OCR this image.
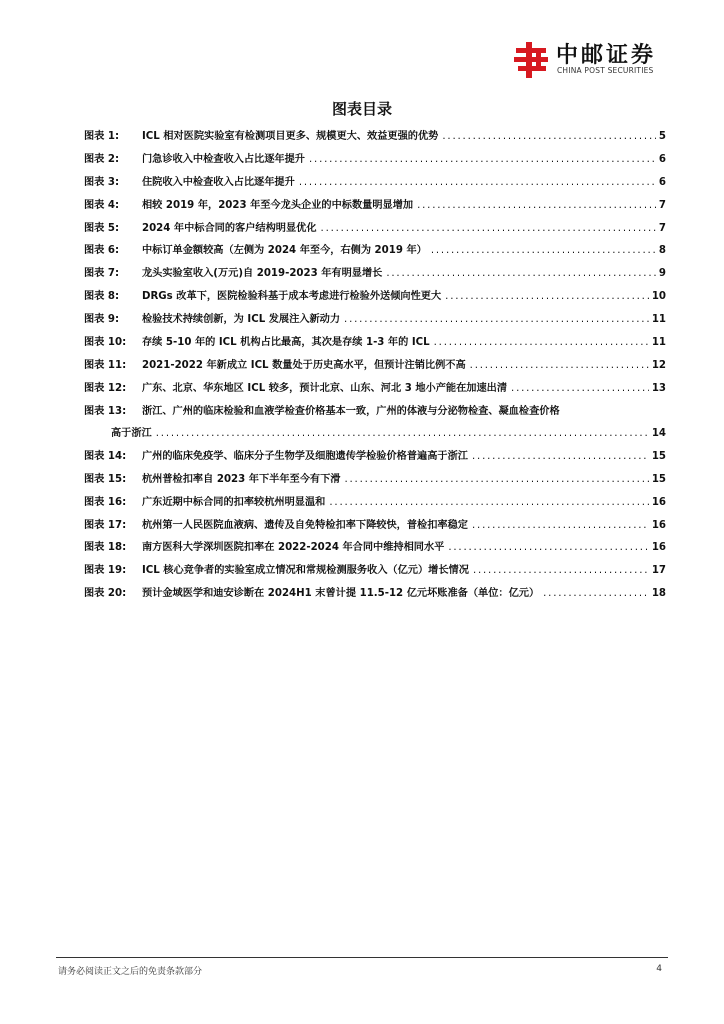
中邮证券
CHINA POST SECURITIES
图表目录
图表 1:	ICL 相对医院实验室有检测项目更多、规模更大、效益更强的优势 .....	5
图表 2:	门急诊收入中检查收入占比逐年提升 .....	6
图表 3:	住院收入中检查收入占比逐年提升 .....	6
图表 4:	相较 2019 年，2023 年至今龙头企业的中标数量明显增加 .....	7
图表 5:	2024 年中标合同的客户结构明显优化 .....	7
图表 6:	中标订单金额较高（左侧为 2024 年至今，右侧为 2019 年） .....	8
图表 7:	龙头实验室收入(万元)自 2019-2023 年有明显增长 .....	9
图表 8:	DRGs 改革下，医院检验科基于成本考虑进行检验外送倾向性更大 .....	10
图表 9:	检验技术持续创新，为 ICL 发展注入新动力 .....	11
图表 10:	存续 5-10 年的 ICL 机构占比最高，其次是存续 1-3 年的 ICL .....	11
图表 11:	2021-2022 年新成立 ICL 数量处于历史高水平，但预计注销比例不高 .....	12
图表 12:	广东、北京、华东地区 ICL 较多，预计北京、山东、河北 3 地小产能在加速出清 .....	13
图表 13:	浙江、广州的临床检验和血液学检查价格基本一致，广州的体液与分泌物检查、凝血检查价格
高于浙江 .....	14
图表 14:	广州的临床免疫学、临床分子生物学及细胞遗传学检验价格普遍高于浙江 .....	15
图表 15:	杭州普检扣率自 2023 年下半年至今有下滑 .....	15
图表 16:	广东近期中标合同的扣率较杭州明显温和 .....	16
图表 17:	杭州第一人民医院血液病、遗传及自免特检扣率下降较快，普检扣率稳定 .....	16
图表 18:	南方医科大学深圳医院扣率在 2022-2024 年合同中维持相同水平 .....	16
图表 19:	ICL 核心竞争者的实验室成立情况和常规检测服务收入（亿元）增长情况 .....	17
图表 20:	预计金域医学和迪安诊断在 2024H1 末曾计提 11.5-12 亿元坏账准备（单位：亿元） .....	18
请务必阅读正文之后的免责条款部分	4
